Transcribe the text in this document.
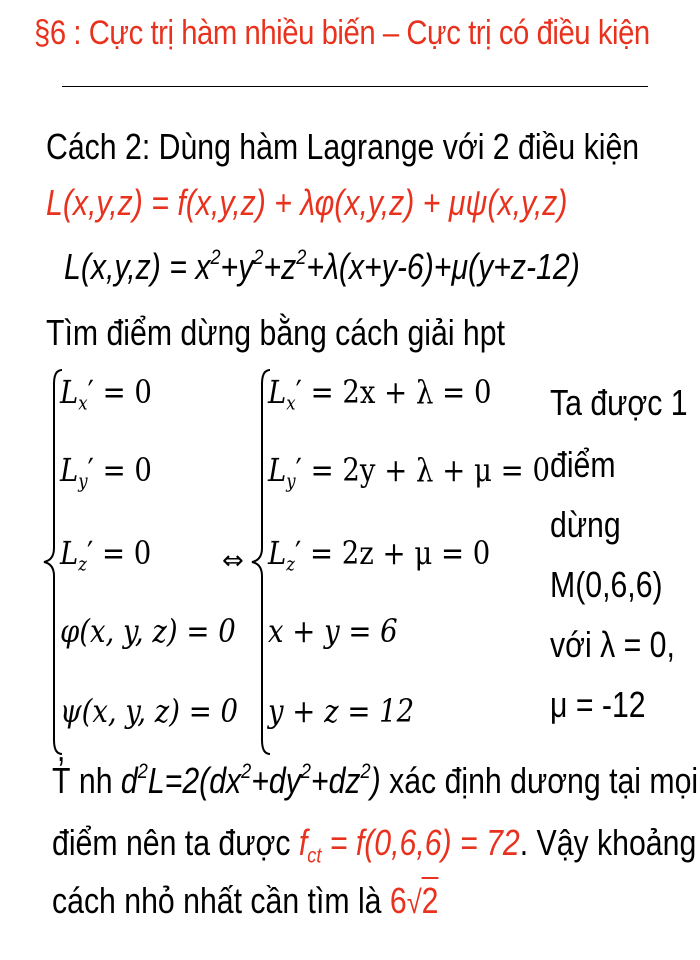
§6 : Cực trị hàm nhiều biến – Cực trị có điều kiện
Cách 2: Dùng hàm Lagrange với 2 điều kiện
L(x,y,z) = f(x,y,z) + λφ(x,y,z) + μψ(x,y,z)
$L(x,y,z) = x^2+y^2+z^2+\lambda(x+y-6)+\mu(y+z-12)$
Tìm điểm dừng bằng cách giải hpt
$L_x' = 0$
$L_y' = 0$
$L_z' = 0$
φ(x, y, z) = 0
ψ(x, y, z) = 0
⇔
$L_x' = 2x + \lambda = 0$
$L_y' = 2y + \lambda + \mu = 0$
$L_z' = 2z + \mu = 0$
x + y = 6
y + z = 12
Ta được 1
điểm
dừng
M(0,6,6)
với λ = 0,
μ = -12
T̓ nh $d^2L=2(dx^2+dy^2+dz^2)$ xác định dương tại mọi
điểm nên ta được $f_{ct} = f(0,6,6) = 72$. Vậy khoảng
cách nhỏ nhất cần tìm là 6√2
